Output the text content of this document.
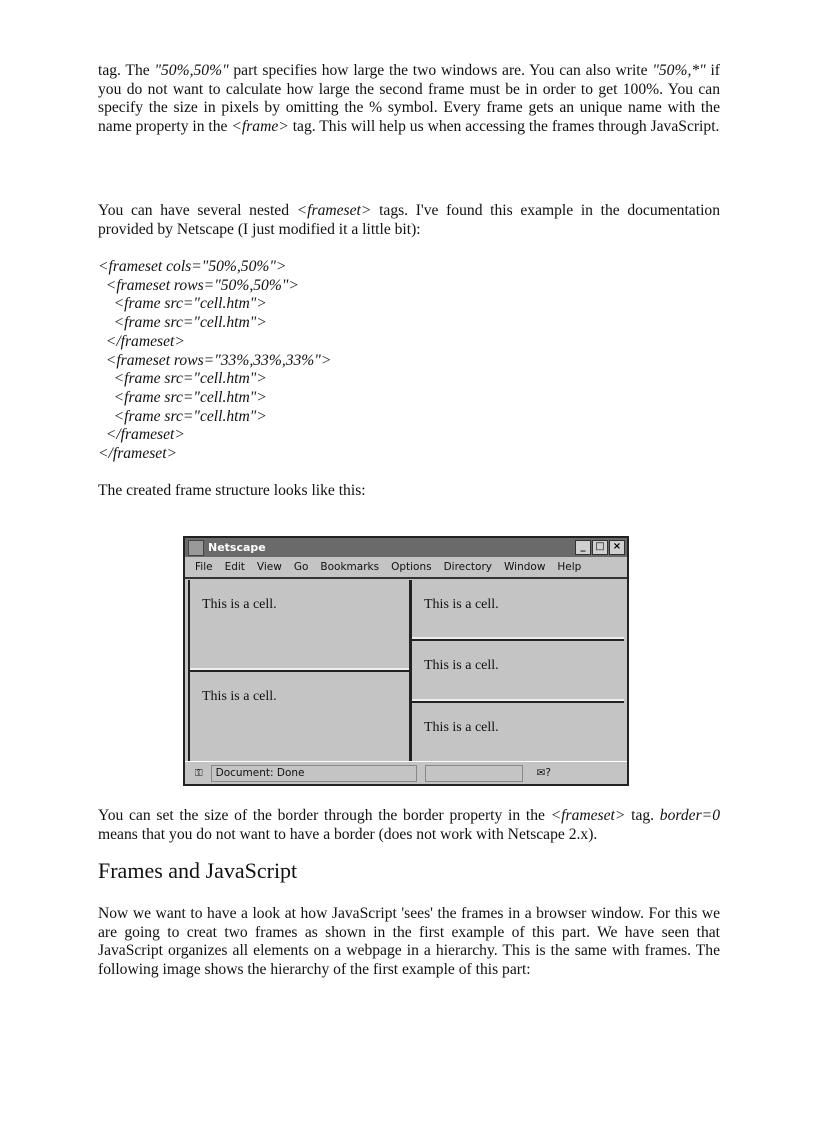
tag. The "50%,50%" part specifies how large the two windows are. You can also write "50%,*" if you do not want to calculate how large the second frame must be in order to get 100%. You can specify the size in pixels by omitting the % symbol. Every frame gets an unique name with the name property in the <frame> tag. This will help us when accessing the frames through JavaScript.

You can have several nested <frameset> tags. I've found this example in the documentation provided by Netscape (I just modified it a little bit):

<frameset cols="50%,50%">
<frameset rows="50%,50%">
<frame src="cell.htm">
<frame src="cell.htm">
</frameset>
<frameset rows="33%,33%,33%">
<frame src="cell.htm">
<frame src="cell.htm">
<frame src="cell.htm">
</frameset>
</frameset>

The created frame structure looks like this:

Netscape	_ □ ×
File Edit View Go Bookmarks Options Directory Window Help
This is a cell.
This is a cell.
This is a cell.
This is a cell.
This is a cell.
⚿	Document: Done	✉?

You can set the size of the border through the border property in the <frameset> tag. border=0 means that you do not want to have a border (does not work with Netscape 2.x).

Frames and JavaScript

Now we want to have a look at how JavaScript 'sees' the frames in a browser window. For this we are going to creat two frames as shown in the first example of this part. We have seen that JavaScript organizes all elements on a webpage in a hierarchy. This is the same with frames. The following image shows the hierarchy of the first example of this part:
